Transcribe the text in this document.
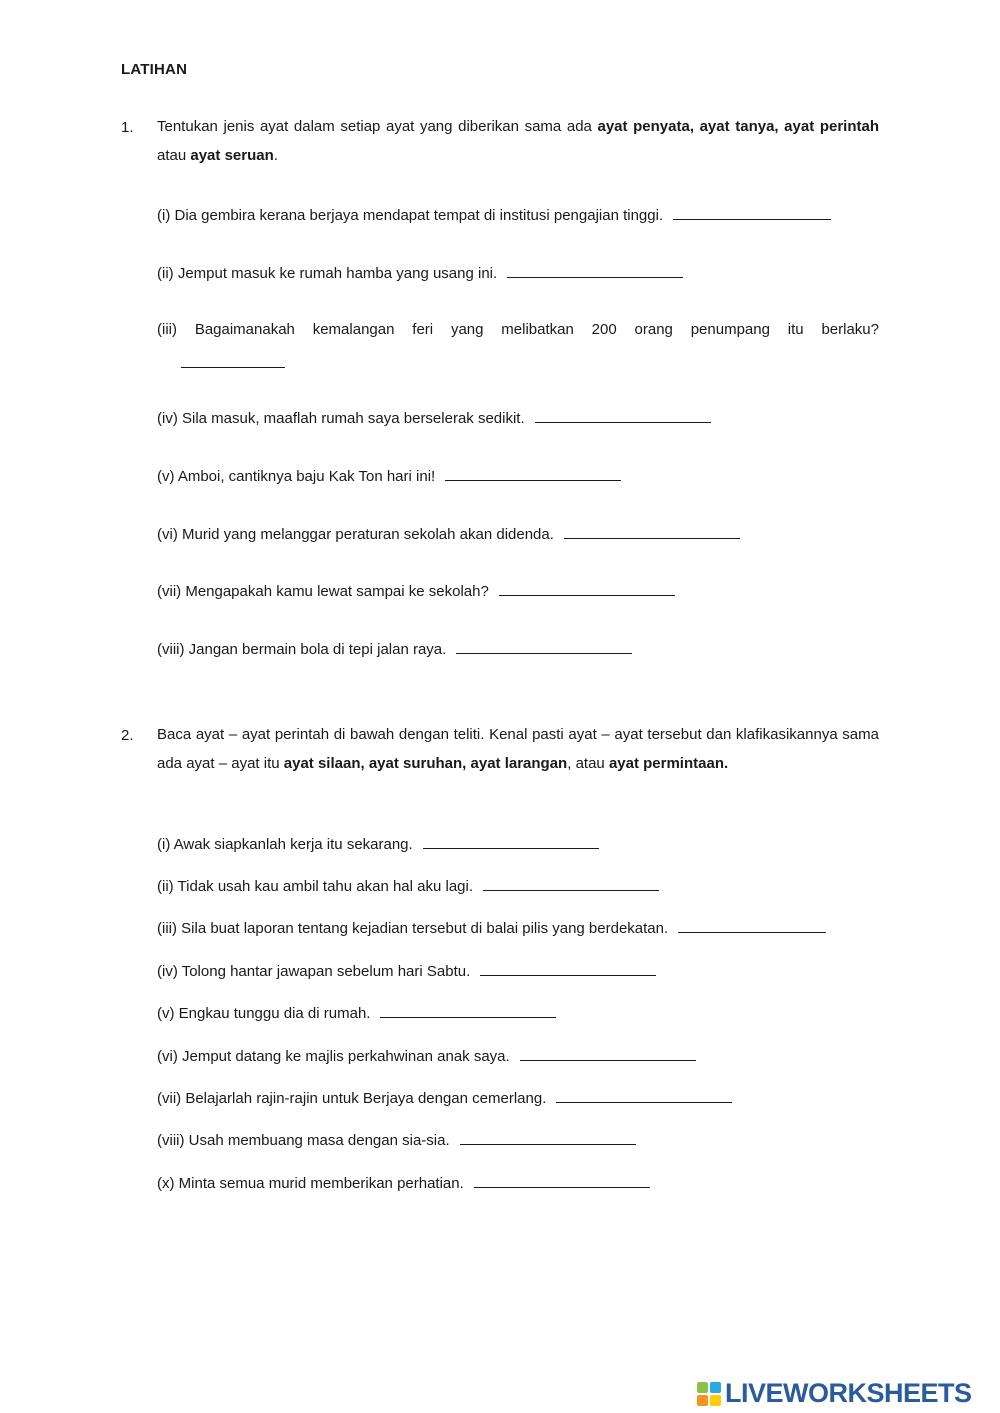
LATIHAN
1. Tentukan jenis ayat dalam setiap ayat yang diberikan sama ada ayat penyata, ayat tanya, ayat perintah atau ayat seruan.
(i) Dia gembira kerana berjaya mendapat tempat di institusi pengajian tinggi.
(ii) Jemput masuk ke rumah hamba yang usang ini.
(iii) Bagaimanakah kemalangan feri yang melibatkan 200 orang penumpang itu berlaku?
(iv) Sila masuk, maaflah rumah saya berselerak sedikit.
(v) Amboi, cantiknya baju Kak Ton hari ini!
(vi) Murid yang melanggar peraturan sekolah akan didenda.
(vii) Mengapakah kamu lewat sampai ke sekolah?
(viii) Jangan bermain bola di tepi jalan raya.
2. Baca ayat – ayat perintah di bawah dengan teliti. Kenal pasti ayat – ayat tersebut dan klafikasikannya sama ada ayat – ayat itu ayat silaan, ayat suruhan, ayat larangan, atau ayat permintaan.
(i) Awak siapkanlah kerja itu sekarang.
(ii) Tidak usah kau ambil tahu akan hal aku lagi.
(iii) Sila buat laporan tentang kejadian tersebut di balai pilis yang berdekatan.
(iv) Tolong hantar jawapan sebelum hari Sabtu.
(v) Engkau tunggu dia di rumah.
(vi) Jemput datang ke majlis perkahwinan anak saya.
(vii) Belajarlah rajin-rajin untuk Berjaya dengan cemerlang.
(viii) Usah membuang masa dengan sia-sia.
(x) Minta semua murid memberikan perhatian.
LIVEWORKSHEETS
